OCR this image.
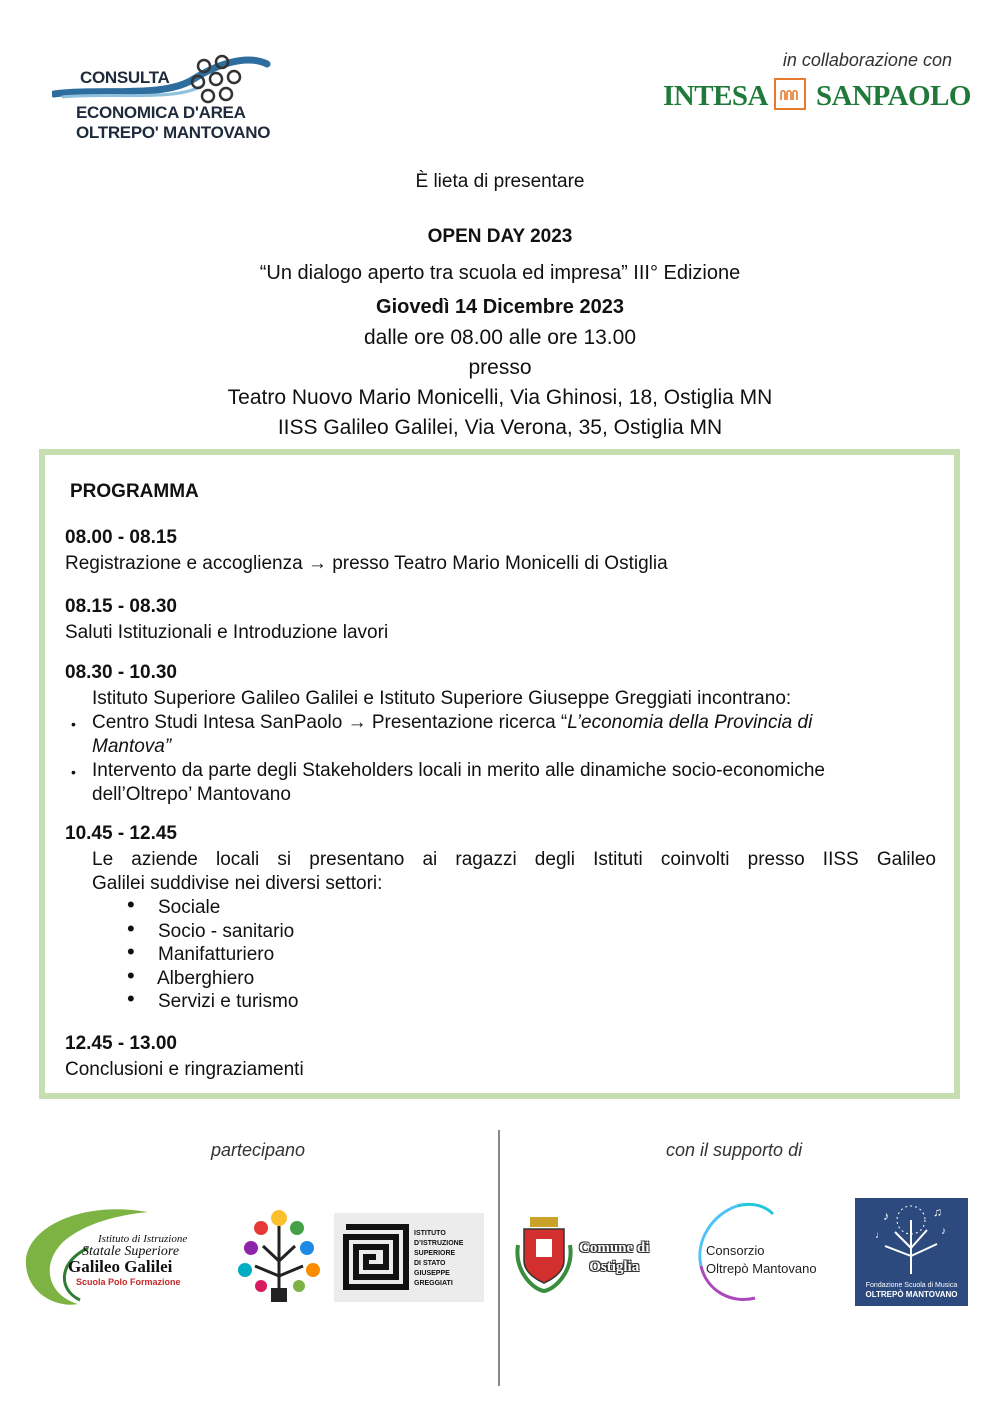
CONSULTA
ECONOMICA D'AREA
OLTREPO' MANTOVANO
in collaborazione con
INTESA SANPAOLO
È lieta di presentare
OPEN DAY 2023
“Un dialogo aperto tra scuola ed impresa” III° Edizione
Giovedì 14 Dicembre 2023
dalle ore 08.00 alle ore 13.00
presso
Teatro Nuovo Mario Monicelli, Via Ghinosi, 18, Ostiglia MN
IISS Galileo Galilei, Via Verona, 35, Ostiglia MN
PROGRAMMA
08.00 - 08.15
Registrazione e accoglienza → presso Teatro Mario Monicelli di Ostiglia
08.15 - 08.30
Saluti Istituzionali e Introduzione lavori
08.30 - 10.30
Istituto Superiore Galileo Galilei e Istituto Superiore Giuseppe Greggiati incontrano:
• Centro Studi Intesa SanPaolo → Presentazione ricerca “L’economia della Provincia di
Mantova”
• Intervento da parte degli Stakeholders locali in merito alle dinamiche socio-economiche
dell’Oltrepo’ Mantovano
10.45 - 12.45
Le aziende locali si presentano ai ragazzi degli Istituti coinvolti presso IISS Galileo
Galilei suddivise nei diversi settori:
• Sociale
• Socio - sanitario
• Manifatturiero
• Alberghiero
• Servizi e turismo
12.45 - 13.00
Conclusioni e ringraziamenti
partecipano	con il supporto di
Istituto di Istruzione
Statale Superiore
Galileo Galilei
Scuola Polo Formazione
ISTITUTO
D’ISTRUZIONE
SUPERIORE
DI STATO
GIUSEPPE GREGGIATI
Comune di
Ostiglia
Consorzio
Oltrepò Mantovano
♪	♫
♪
♩
Fondazione Scuola di Musica
OLTREPÒ MANTOVANO
